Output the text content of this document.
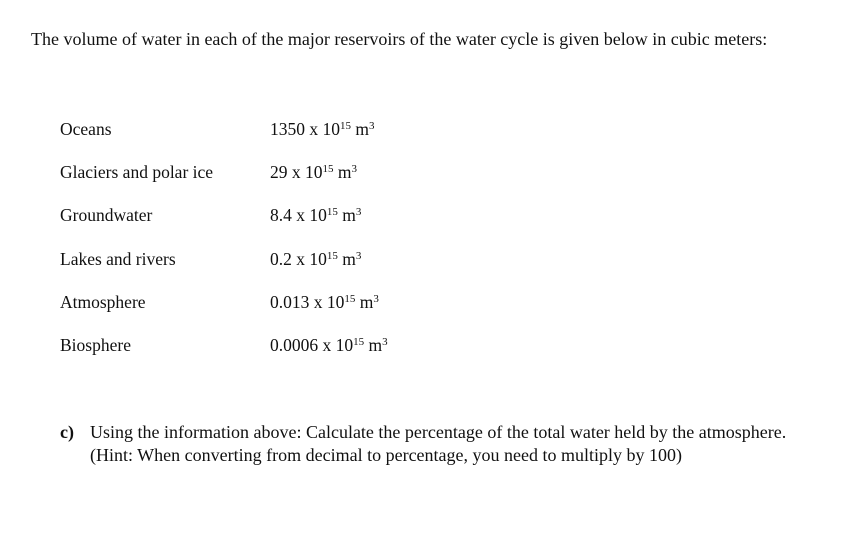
The volume of water in each of the major reservoirs of the water cycle is given below in cubic meters:

Oceans	1350 x $10^{15}$ $m^3$
Glaciers and polar ice	29 x $10^{15}$ $m^3$
Groundwater	8.4 x $10^{15}$ $m^3$
Lakes and rivers	0.2 x $10^{15}$ $m^3$
Atmosphere	0.013 x $10^{15}$ $m^3$
Biosphere	0.0006 x $10^{15}$ $m^3$
c) Using the information above: Calculate the percentage of the total water held by the atmosphere. (Hint: When converting from decimal to percentage, you need to multiply by 100)
